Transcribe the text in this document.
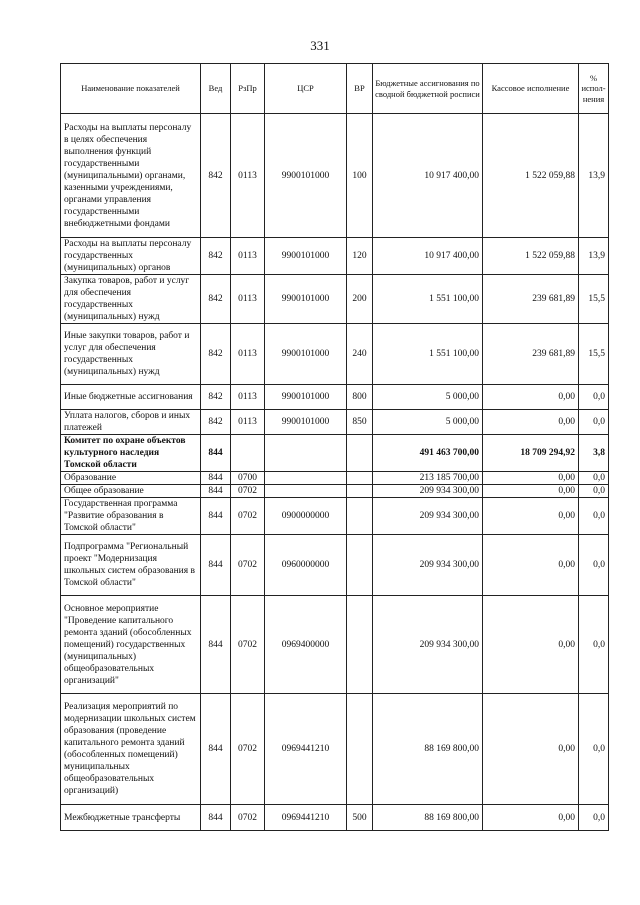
331
Наименование показателей	Вед	РзПр	ЦСР	ВР	Бюджетные ассигнования по сводной бюджетной росписи	Кассовое исполнение	% испол-нения
Расходы на выплаты персоналу в целях обеспечения выполнения функций государственными (муниципальными) органами, казенными учреждениями, органами управления государственными внебюджетными фондами	842	0113	9900101000	100	10 917 400,00	1 522 059,88	13,9
Расходы на выплаты персоналу государственных (муниципальных) органов	842	0113	9900101000	120	10 917 400,00	1 522 059,88	13,9
Закупка товаров, работ и услуг для обеспечения государственных (муниципальных) нужд	842	0113	9900101000	200	1 551 100,00	239 681,89	15,5
Иные закупки товаров, работ и услуг для обеспечения государственных (муниципальных) нужд	842	0113	9900101000	240	1 551 100,00	239 681,89	15,5
Иные бюджетные ассигнования	842	0113	9900101000	800	5 000,00	0,00	0,0
Уплата налогов, сборов и иных платежей	842	0113	9900101000	850	5 000,00	0,00	0,0
Комитет по охране объектов культурного наследия Томской области	844				491 463 700,00	18 709 294,92	3,8
Образование	844	0700			213 185 700,00	0,00	0,0
Общее образование	844	0702			209 934 300,00	0,00	0,0
Государственная программа "Развитие образования в Томской области"	844	0702	0900000000		209 934 300,00	0,00	0,0
Подпрограмма "Региональный проект "Модернизация школьных систем образования в Томской области"	844	0702	0960000000		209 934 300,00	0,00	0,0
Основное мероприятие "Проведение капитального ремонта зданий (обособленных помещений) государственных (муниципальных) общеобразовательных организаций"	844	0702	0969400000		209 934 300,00	0,00	0,0
Реализация мероприятий по модернизации школьных систем образования (проведение капитального ремонта зданий (обособленных помещений) муниципальных общеобразовательных организаций)	844	0702	0969441210		88 169 800,00	0,00	0,0
Межбюджетные трансферты	844	0702	0969441210	500	88 169 800,00	0,00	0,0
